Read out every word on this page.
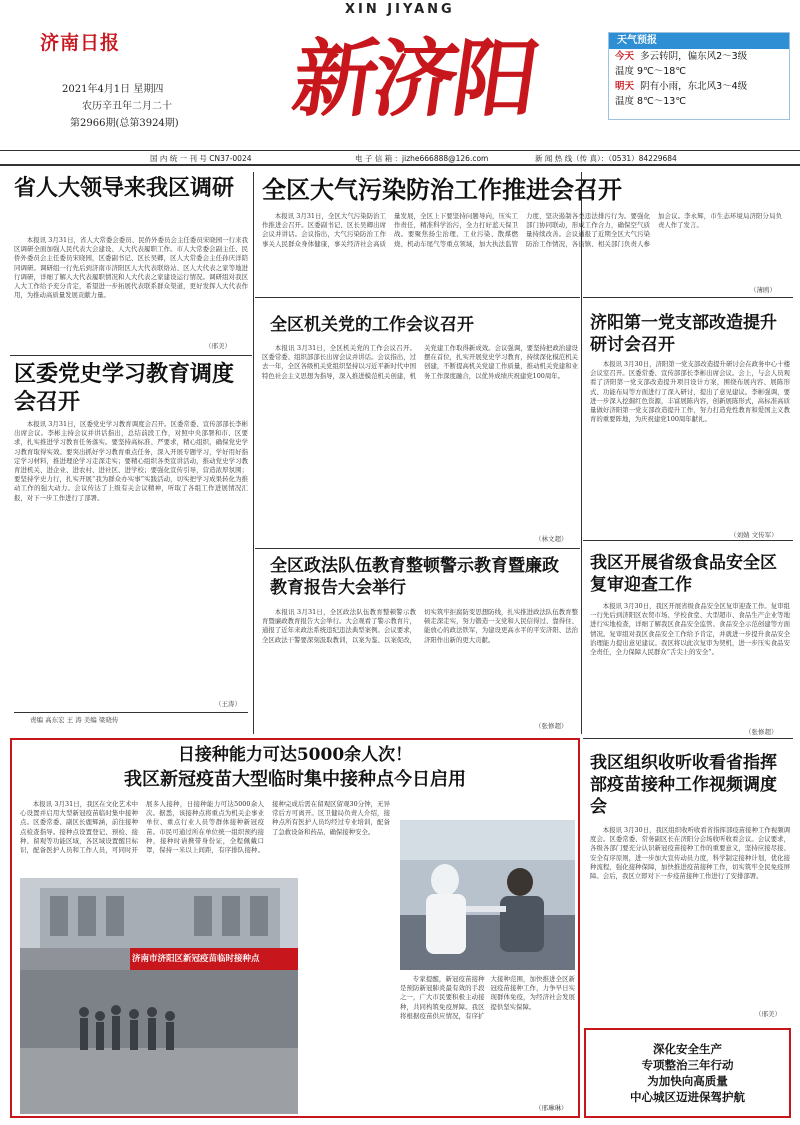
济南日报
XIN JIYANG
新济阳
2021年4月1日 星期四
农历辛丑年二月二十
第2966期(总第3924期)
天气预报
今天 多云转阴，偏东风2～3级
温度 9℃～18℃
明天 阴有小雨，东北风3～4级
温度 8℃～13℃
国 内 统 一 刊 号 CN37-0024	电 子 信 箱 ：jizhe666888@126.com	新 闻 热 线（传 真）：（0531）84229684
省人大领导来我区调研

本报讯 3月31日，省人大常委会委员、民侨外委员会主任委员宋晓园一行来我区调研全面加强人民代表大会建设、人大代表履职工作。市人大常委会副主任、民侨外委员会主任委员宋晓园，区委副书记、区长吴卿，区人大常委会主任孙庆洋陪同调研。调研组一行先后到济南市济阳区人大代表联络站、区人大代表之家等地进行调研，详细了解人大代表履职情况和人大代表之家建设运行情况。调研组对我区人大工作给予充分肯定，希望进一步拓展代表联系群众渠道，更好发挥人大代表作用，为推动高质量发展贡献力量。

（邢美）
区委党史学习教育调度会召开

本报讯 3月31日，区委党史学习教育调度会召开。区委常委、宣传部部长李彬出席会议。李彬主持会议并讲话指出，总结前段工作，对照中央部署和市、区要求，扎实推进学习教育任务落实。要坚持高标准、严要求，精心组织，确保党史学习教育取得实效。要突出抓好学习教育重点任务，深入开展专题学习，学好用好指定学习材料，推进理论学习走深走实；要精心组织各类宣讲活动，推动党史学习教育进机关、进企业、进农村、进社区、进学校；要强化宣传引导，营造浓厚氛围；要坚持学史力行，扎实开展“我为群众办实事”实践活动，切实把学习成果转化为推动工作的强大动力。会议传达了上级有关会议精神，听取了各组工作进展情况汇报，对下一步工作进行了部署。

（王涛）
责编 高东宏 王 涛 美编 梁晓传
全区大气污染防治工作推进会召开

本报讯 3月31日，全区大气污染防治工作推进会召开。区委副书记、区长吴卿出席会议并讲话。会议指出，大气污染防治工作事关人民群众身体健康，事关经济社会高质量发展，全区上下要坚持问题导向，压实工作责任，精准科学治污，全力打好蓝天保卫战。要聚焦扬尘治理、工业污染、散煤燃烧、机动车尾气等重点领域，加大执法监管力度，坚决遏制各类违法排污行为。要强化部门协同联动，形成工作合力，确保空气质量持续改善。会议通报了近期全区大气污染防治工作情况，各街镇、相关部门负责人参加会议。李永辉，市生态环境局济阳分局负责人作了发言。

（薄鸥）
全区机关党的工作会议召开

本报讯 3月31日，全区机关党的工作会议召开。区委常委、组织部部长出席会议并讲话。会议指出，过去一年，全区各级机关党组织坚持以习近平新时代中国特色社会主义思想为指导，深入推进模范机关创建，机关党建工作取得新成效。会议强调，要坚持把政治建设摆在首位，扎实开展党史学习教育，持续深化模范机关创建，不断提高机关党建工作质量，推动机关党建和业务工作深度融合，以优异成绩庆祝建党100周年。

（林文超）
全区政法队伍教育整顿警示教育暨廉政教育报告大会举行

本报讯 3月31日，全区政法队伍教育整顿警示教育暨廉政教育报告大会举行。大会观看了警示教育片，通报了近年来政法系统违纪违法典型案例。会议要求，全区政法干警要深刻汲取教训，以案为鉴、以案促改，切实筑牢拒腐防变思想防线，扎实推进政法队伍教育整顿走深走实，努力锻造一支党和人民信得过、靠得住、能放心的政法铁军，为建设更高水平的平安济阳、法治济阳作出新的更大贡献。

（张修超）
济阳第一党支部改造提升研讨会召开

本报讯 3月30日，济阳第一党支部改造提升研讨会在政务中心十楼会议室召开。区委常委、宣传部部长李彬出席会议。会上，与会人员观看了济阳第一党支部改造提升项目设计方案，围绕布展内容、展陈形式、功能布局等方面进行了深入研讨，提出了意见建议。李彬强调，要进一步深入挖掘红色资源，丰富展陈内容，创新展陈形式，高标准高质量做好济阳第一党支部改造提升工作，努力打造党性教育和爱国主义教育的重要阵地，为庆祝建党100周年献礼。

（刘婧 文传军）
我区开展省级食品安全区复审迎查工作

本报讯 3月30日，我区开展省级食品安全区复审迎查工作。复审组一行先后到济阳区农贸市场、学校食堂、大型超市、食品生产企业等地进行实地检查，详细了解我区食品安全监管、食品安全示范创建等方面情况。复审组对我区食品安全工作给予肯定，并就进一步提升食品安全治理能力提出意见建议。我区将以此次复审为契机，进一步压实食品安全责任，全力保障人民群众“舌尖上的安全”。

（张修超）
我区组织收听收看省指挥部疫苗接种工作视频调度会

本报讯 3月30日，我区组织收听收看省指挥部疫苗接种工作视频调度会。区委常委、常务副区长在济阳分会场收听收看会议。会议要求，各级各部门要充分认识新冠疫苗接种工作的重要意义，坚持应接尽接、安全有序原则，进一步加大宣传动员力度，科学制定接种计划，优化接种流程，强化接种保障，加快推进疫苗接种工作，切实筑牢全民免疫屏障。会后，我区立即对下一步疫苗接种工作进行了安排部署。

（邢美）
深化安全生产
专项整治三年行动
为加快向高质量
中心城区迈进保驾护航
日接种能力可达5000余人次！
我区新冠疫苗大型临时集中接种点今日启用

本报讯 3月31日，我区在文化艺术中心设置并启用大型新冠疫苗临时集中接种点。区委常委、副区长鹿辉涵，前往接种点检查指导。接种点设置登记、预检、接种、留观等功能区域，各区域设置醒目标识，配备医护人员和工作人员，可同时开展多人接种，日接种能力可达5000余人次。据悉，该接种点将重点为机关企事业单位、重点行业人员等群体接种新冠疫苗。市民可通过所在单位统一组织预约接种，接种时请携带身份证，全程佩戴口罩，保持一米以上间距，有序排队接种。接种完成后需在留观区留观30分钟，无异常后方可离开。区卫健局负责人介绍，接种点所有医护人员均经过专业培训，配备了急救设备和药品，确保接种安全。

专家提醒，新冠疫苗接种是预防新冠肺炎最有效的手段之一，广大市民要积极主动接种，共同构筑免疫屏障。我区将根据疫苗供应情况，有序扩大接种范围，加快推进全区新冠疫苗接种工作，力争早日实现群体免疫，为经济社会发展提供坚实保障。

（邢琳琳）
济南市济阳区新冠疫苗临时接种点
